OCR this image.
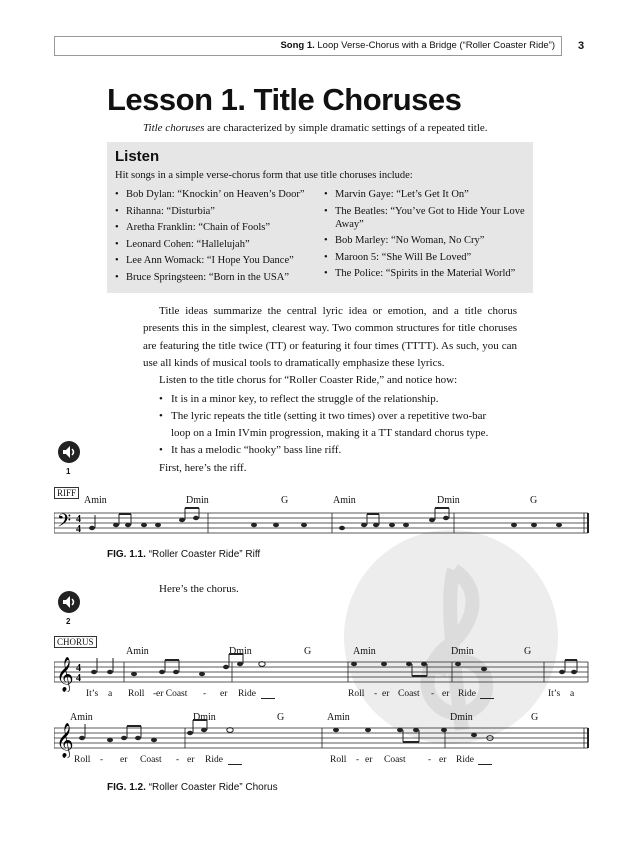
Song 1. Loop Verse-Chorus with a Bridge (“Roller Coaster Ride”) 3
Lesson 1. Title Choruses
Title choruses are characterized by simple dramatic settings of a repeated title.
Listen
Hit songs in a simple verse-chorus form that use title choruses include:
• Bob Dylan: “Knockin’ on Heaven’s Door”
• Rihanna: “Disturbia”
• Aretha Franklin: “Chain of Fools”
• Leonard Cohen: “Hallelujah”
• Lee Ann Womack: “I Hope You Dance”
• Bruce Springsteen: “Born in the USA”
• Marvin Gaye: “Let’s Get It On”
• The Beatles: “You’ve Got to Hide Your Love Away”
• Bob Marley: “No Woman, No Cry”
• Maroon 5: “She Will Be Loved”
• The Police: “Spirits in the Material World”

Title ideas summarize the central lyric idea or emotion, and a title chorus presents this in the simplest, clearest way. Two common structures for title choruses are featuring the title twice (TT) or featuring it four times (TTTT). As such, you can use all kinds of musical tools to dramatically emphasize these lyrics.

Listen to the title chorus for “Roller Coaster Ride,” and notice how:
• It is in a minor key, to reflect the struggle of the relationship.
• The lyric repeats the title (setting it two times) over a repetitive two-bar loop on a Imin IVmin progression, making it a TT standard chorus type.
• It has a melodic “hooky” bass line riff.
First, here’s the riff.
1
RIFF
Amin	Dmin	G	Amin	Dmin	G
𝄢 4
4
FIG. 1.1. “Roller Coaster Ride” Riff
2
Here’s the chorus.
CHORUS
Amin	Dmin	G	Amin	Dmin	G
𝄞 4
4
It’s a Roll - er Coast - er Ride	Roll - er Coast - er Ride	It’s a
Amin	Dmin	G	Amin	Dmin	G
𝄞
Roll - er Coast - er Ride	Roll - er Coast - er Ride
FIG. 1.2. “Roller Coaster Ride” Chorus
